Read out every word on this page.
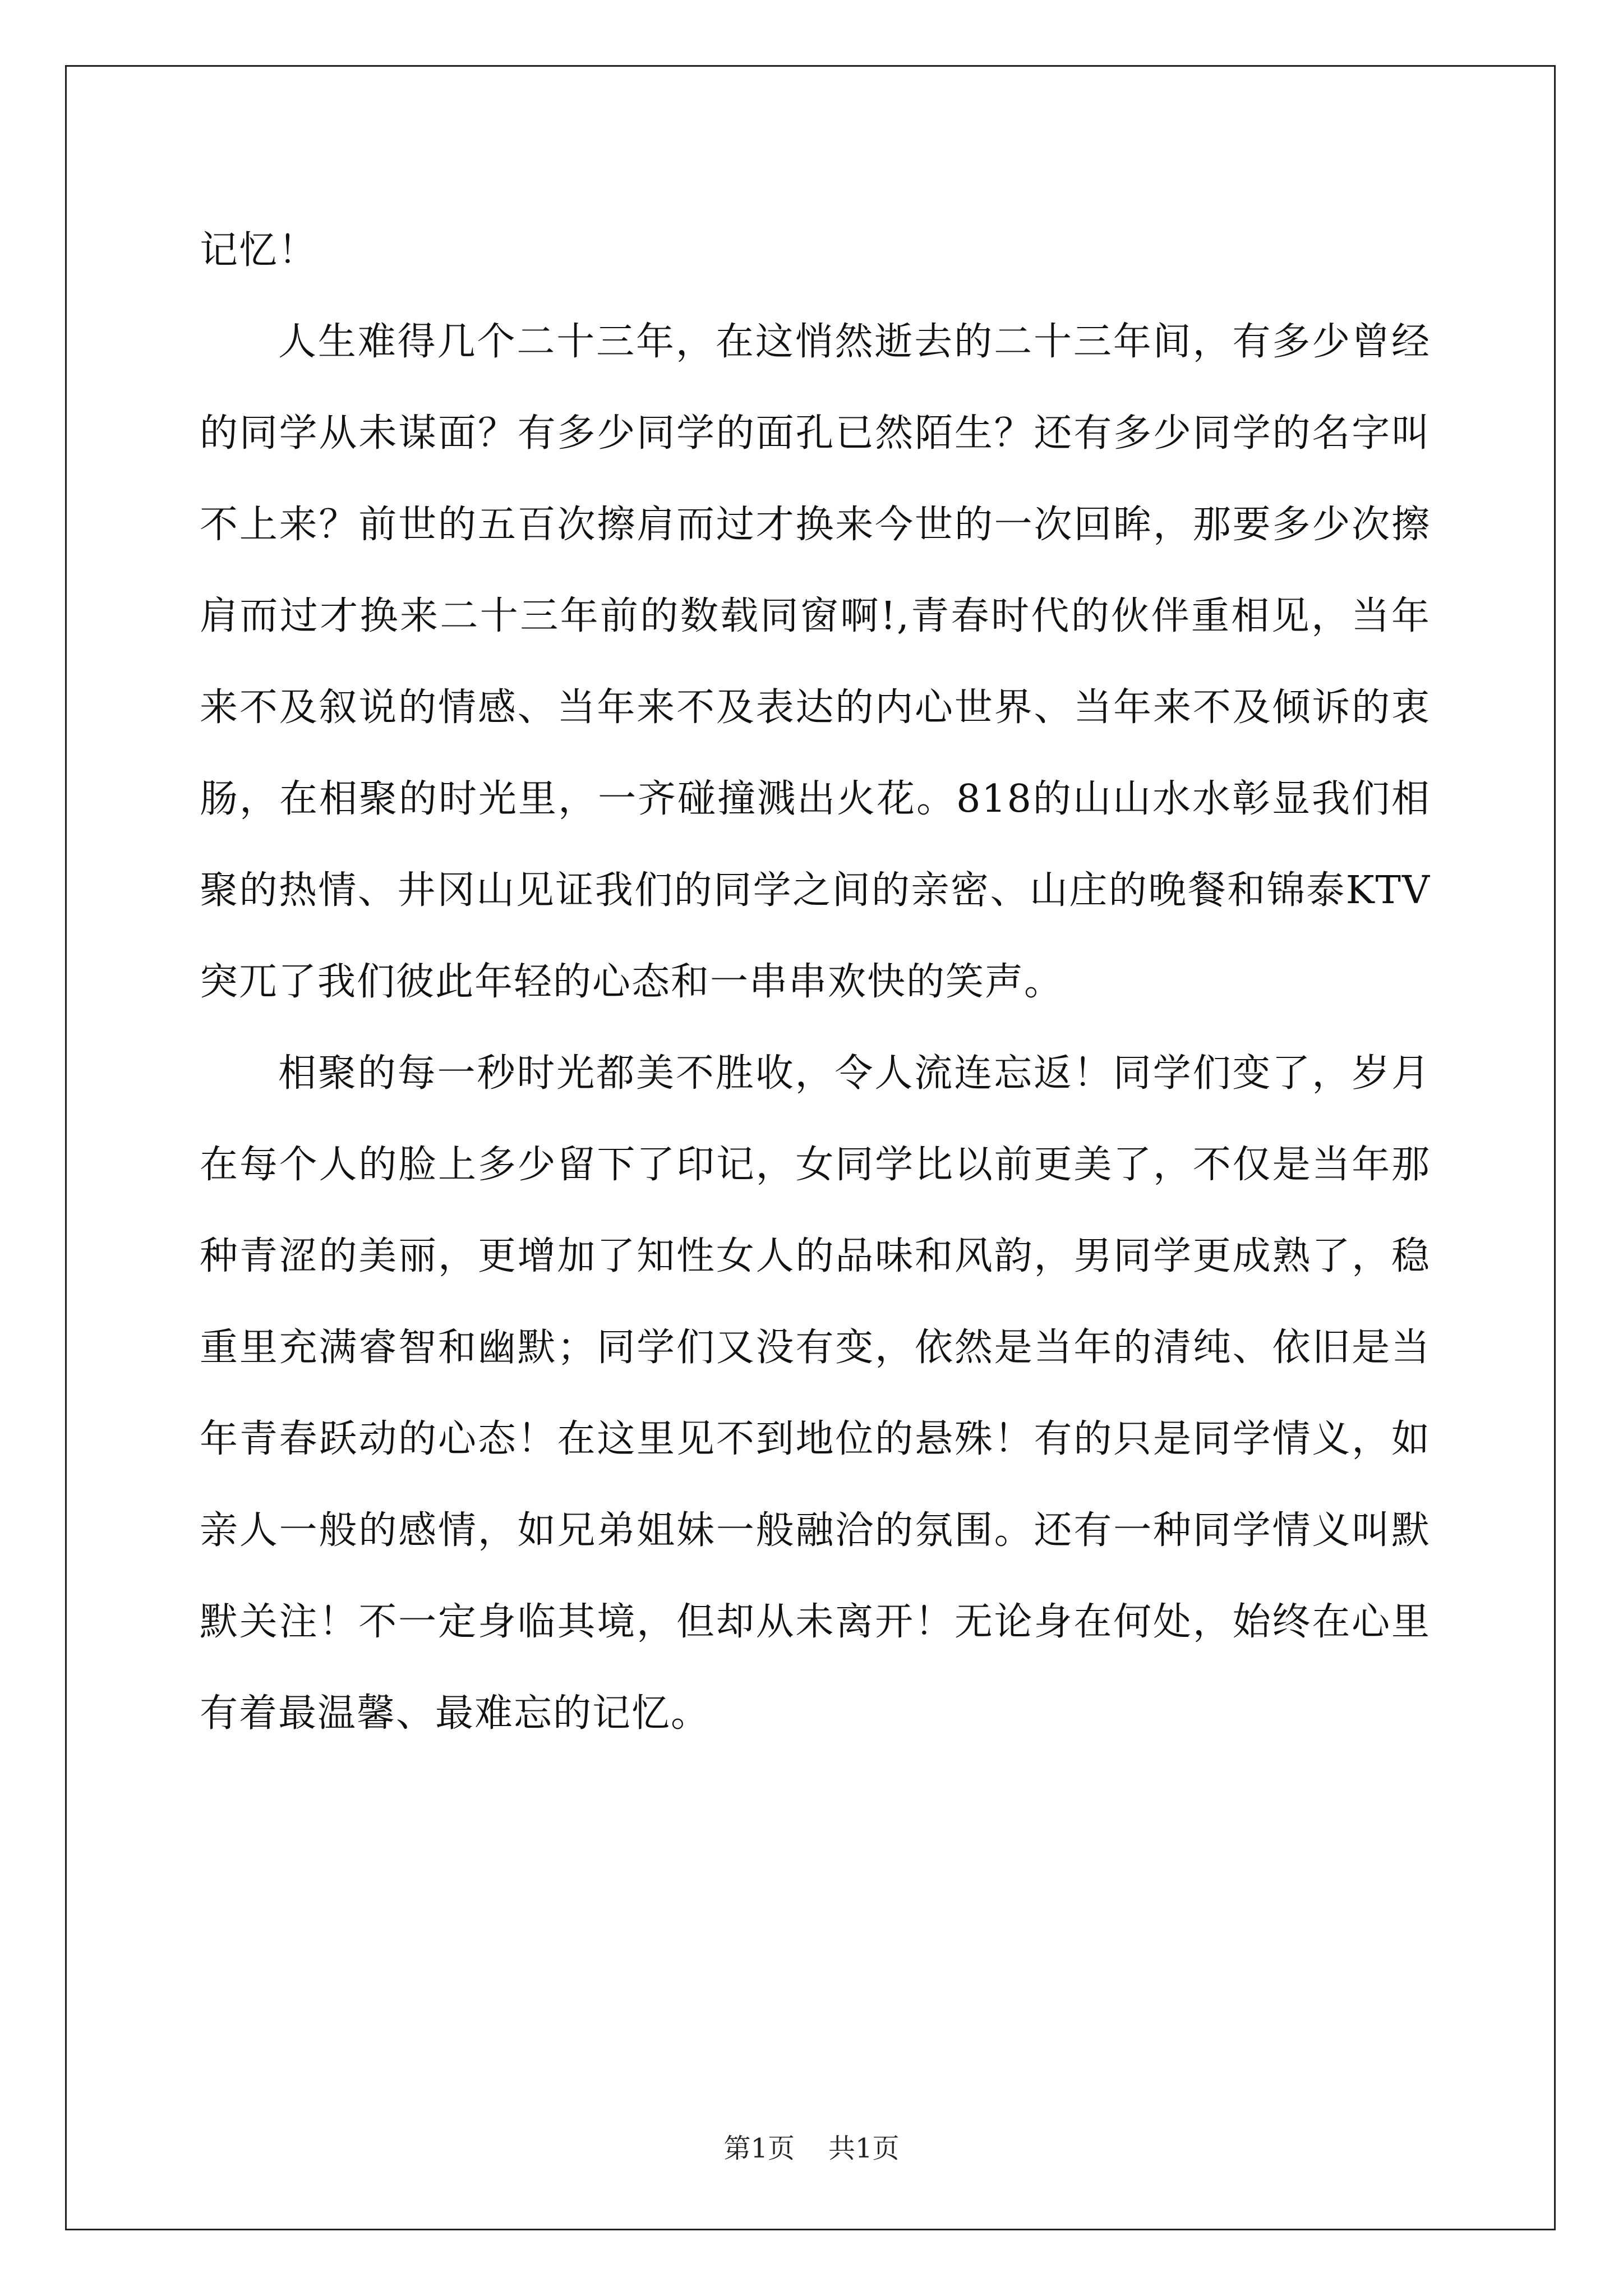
记忆！

人生难得几个二十三年，在这悄然逝去的二十三年间，有多少曾经的同学从未谋面？有多少同学的面孔已然陌生？还有多少同学的名字叫不上来？前世的五百次擦肩而过才换来今世的一次回眸，那要多少次擦肩而过才换来二十三年前的数载同窗啊!,青春时代的伙伴重相见，当年来不及叙说的情感、当年来不及表达的内心世界、当年来不及倾诉的衷肠，在相聚的时光里，一齐碰撞溅出火花。818的山山水水彰显我们相聚的热情、井冈山见证我们的同学之间的亲密、山庄的晚餐和锦泰KTV突兀了我们彼此年轻的心态和一串串欢快的笑声。

相聚的每一秒时光都美不胜收，令人流连忘返！同学们变了，岁月在每个人的脸上多少留下了印记，女同学比以前更美了，不仅是当年那种青涩的美丽，更增加了知性女人的品味和风韵，男同学更成熟了，稳重里充满睿智和幽默；同学们又没有变，依然是当年的清纯、依旧是当年青春跃动的心态！在这里见不到地位的悬殊！有的只是同学情义，如亲人一般的感情，如兄弟姐妹一般融洽的氛围。还有一种同学情义叫默默关注！不一定身临其境，但却从未离开！无论身在何处，始终在心里有着最温馨、最难忘的记忆。

第1页 共1页
